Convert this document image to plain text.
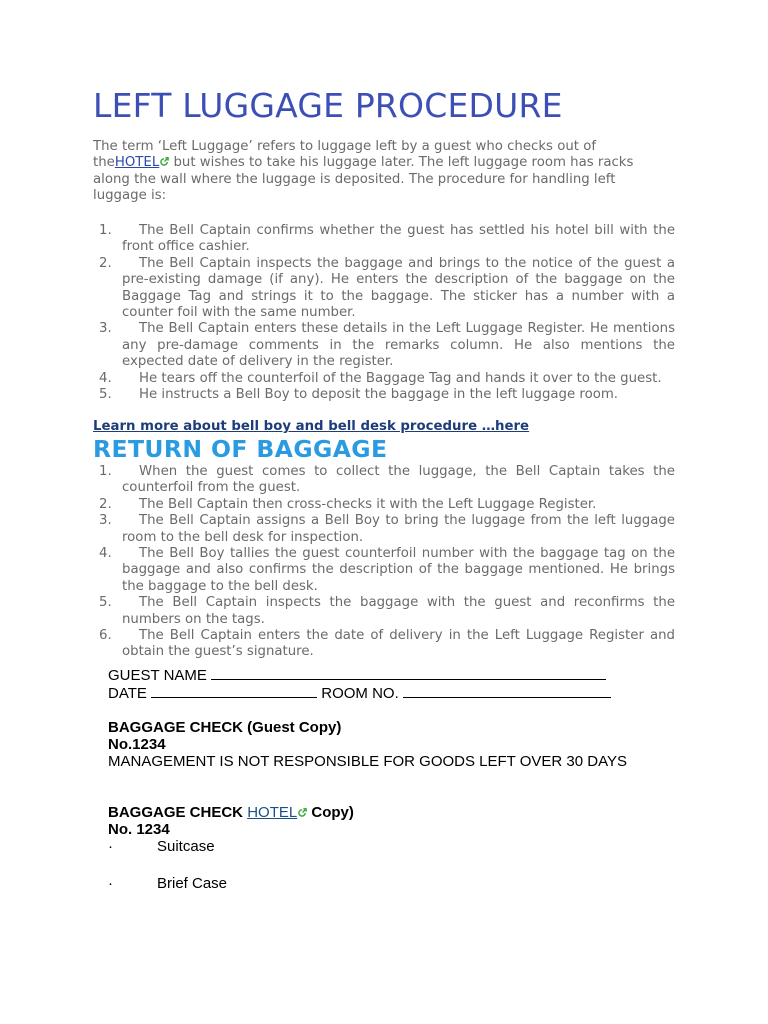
LEFT LUGGAGE PROCEDURE

The term ‘Left Luggage’ refers to luggage left by a guest who checks out of theHOTEL but wishes to take his luggage later. The left luggage room has racks along the wall where the luggage is deposited. The procedure for handling left luggage is:

1.	The Bell Captain confirms whether the guest has settled his hotel bill with the front office cashier.
2.	The Bell Captain inspects the baggage and brings to the notice of the guest a pre-existing damage (if any). He enters the description of the baggage on the Baggage Tag and strings it to the baggage. The sticker has a number with a counter foil with the same number.
3.	The Bell Captain enters these details in the Left Luggage Register. He mentions any pre-damage comments in the remarks column. He also mentions the expected date of delivery in the register.
4.	He tears off the counterfoil of the Baggage Tag and hands it over to the guest.
5.	He instructs a Bell Boy to deposit the baggage in the left luggage room.
Learn more about bell boy and bell desk procedure …here
RETURN OF BAGGAGE
1.	When the guest comes to collect the luggage, the Bell Captain takes the counterfoil from the guest.
2.	The Bell Captain then cross-checks it with the Left Luggage Register.
3.	The Bell Captain assigns a Bell Boy to bring the luggage from the left luggage room to the bell desk for inspection.
4.	The Bell Boy tallies the guest counterfoil number with the baggage tag on the baggage and also confirms the description of the baggage mentioned. He brings the baggage to the bell desk.
5.	The Bell Captain inspects the baggage with the guest and reconfirms the numbers on the tags.
6.	The Bell Captain enters the date of delivery in the Left Luggage Register and obtain the guest’s signature.
GUEST NAME
DATE	ROOM NO.
BAGGAGE CHECK (Guest Copy)
No.1234
MANAGEMENT IS NOT RESPONSIBLE FOR GOODS LEFT OVER 30 DAYS
BAGGAGE CHECK HOTEL Copy)
No. 1234
·	Suitcase
·	Brief Case
